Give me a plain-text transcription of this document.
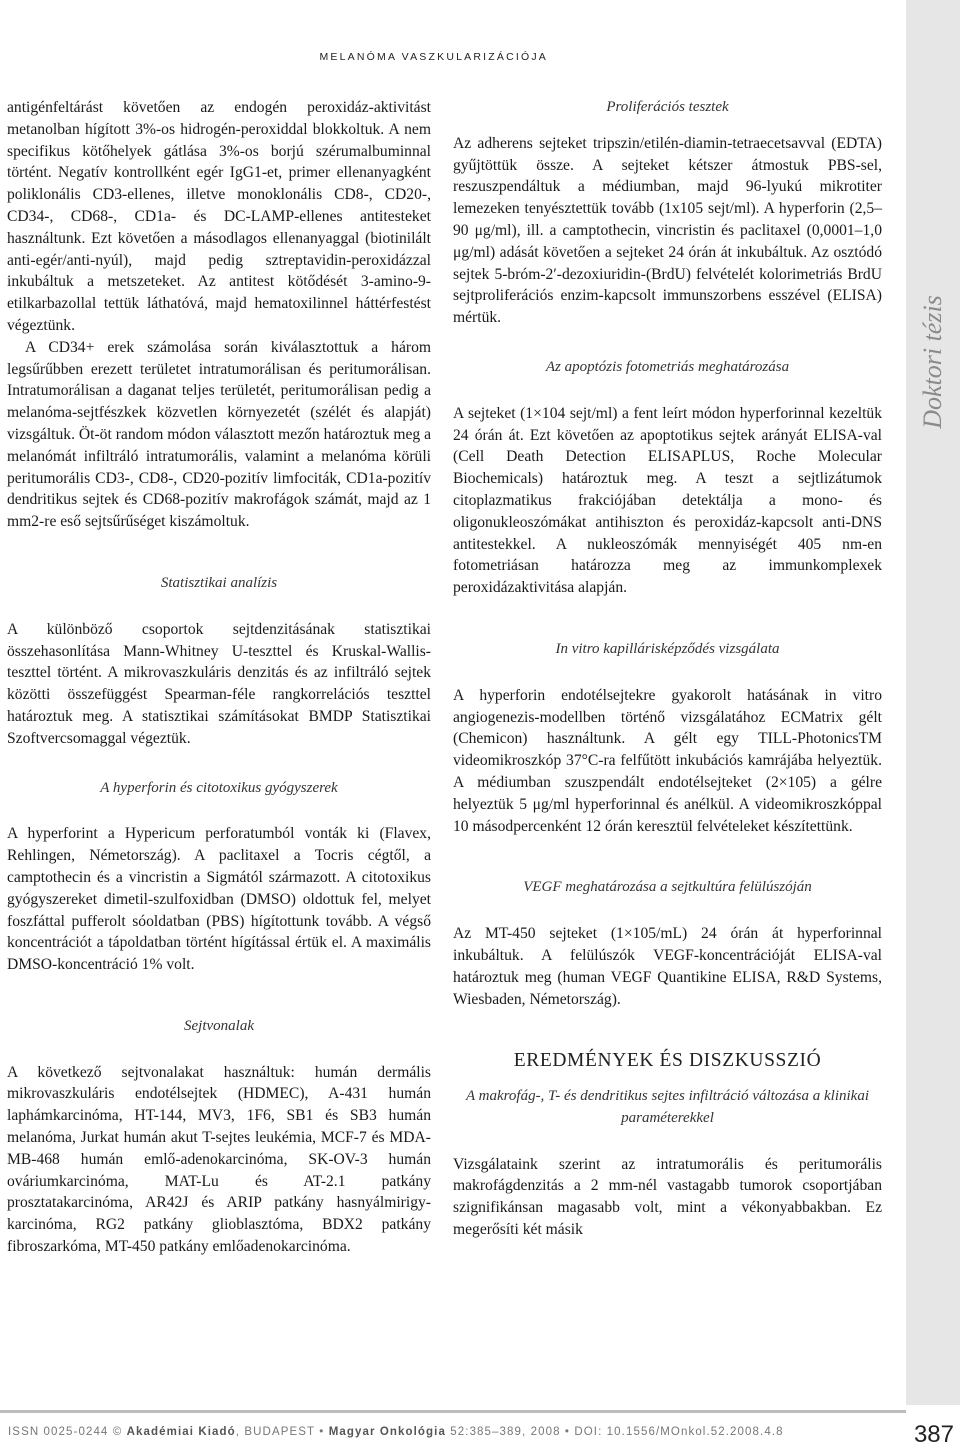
MELANÓMA VASZKULARIZÁCIÓJA
Doktori tézis

antigénfeltárást követően az endogén peroxidáz-aktivitást metanolban hígított 3%-os hidrogén-peroxiddal blokkoltuk. A nem specifikus kötőhelyek gátlása 3%-os borjú szérumalbuminnal történt. Negatív kontrollként egér IgG1-et, primer ellenanyagként poliklonális CD3-ellenes, illetve monoklonális CD8-, CD20-, CD34-, CD68-, CD1a- és DC-LAMP-ellenes antitesteket használtunk. Ezt követően a másodlagos ellenanyaggal (biotinilált anti-egér/anti-nyúl), majd pedig sztreptavidin-peroxidázzal inkubáltuk a metszeteket. Az antitest kötődését 3-amino-9-etilkarbazollal tettük láthatóvá, majd hematoxilinnel háttérfestést végeztünk.

A CD34+ erek számolása során kiválasztottuk a három legsűrűbben erezett területet intratumorálisan és peritumorálisan. Intratumorálisan a daganat teljes területét, peritumorálisan pedig a melanóma-sejtfészkek közvetlen környezetét (szélét és alapját) vizsgáltuk. Öt-öt random módon választott mezőn határoztuk meg a melanómát infiltráló intratumorális, valamint a melanóma körüli peritumorális CD3-, CD8-, CD20-pozitív limfociták, CD1a-pozitív dendritikus sejtek és CD68-pozitív makrofágok számát, majd az 1 mm2-re eső sejtsűrűséget kiszámoltuk.

Statisztikai analízis

A különböző csoportok sejtdenzitásának statisztikai összehasonlítása Mann-Whitney U-teszttel és Kruskal-Wallis-teszttel történt. A mikrovaszkuláris denzitás és az infiltráló sejtek közötti összefüggést Spearman-féle rangkorrelációs teszttel határoztuk meg. A statisztikai számításokat BMDP Statisztikai Szoftvercsomaggal végeztük.

A hyperforin és citotoxikus gyógyszerek

A hyperforint a Hypericum perforatumból vonták ki (Flavex, Rehlingen, Németország). A paclitaxel a Tocris cégtől, a camptothecin és a vincristin a Sigmától származott. A citotoxikus gyógyszereket dimetil-szulfoxidban (DMSO) oldottuk fel, melyet foszfáttal pufferolt sóoldatban (PBS) hígítottunk tovább. A végső koncentrációt a tápoldatban történt hígítással értük el. A maximális DMSO-koncentráció 1% volt.

Sejtvonalak

A következő sejtvonalakat használtuk: humán dermális mikrovaszkuláris endotélsejtek (HDMEC), A-431 humán laphámkarcinóma, HT-144, MV3, 1F6, SB1 és SB3 humán melanóma, Jurkat humán akut T-sejtes leukémia, MCF-7 és MDA-MB-468 humán emlő-adenokarcinóma, SK-OV-3 humán ováriumkarcinóma, MAT-Lu és AT-2.1 patkány prosztatakarcinóma, AR42J és ARIP patkány hasnyálmirigy-karcinóma, RG2 patkány glioblasztóma, BDX2 patkány fibroszarkóma, MT-450 patkány emlőadenokarcinóma.

Proliferációs tesztek

Az adherens sejteket tripszin/etilén-diamin-tetraecetsavval (EDTA) gyűjtöttük össze. A sejteket kétszer átmostuk PBS-sel, reszuszpendáltuk a médiumban, majd 96-lyukú mikrotiter lemezeken tenyésztettük tovább (1x105 sejt/ml). A hyperforin (2,5–90 μg/ml), ill. a camptothecin, vincristin és paclitaxel (0,0001–1,0 μg/ml) adását követően a sejteket 24 órán át inkubáltuk. Az osztódó sejtek 5-bróm-2′-dezoxiuridin-(BrdU) felvételét kolorimetriás BrdU sejtproliferációs enzim-kapcsolt immunszorbens esszével (ELISA) mértük.

Az apoptózis fotometriás meghatározása

A sejteket (1×104 sejt/ml) a fent leírt módon hyperforinnal kezeltük 24 órán át. Ezt követően az apoptotikus sejtek arányát ELISA-val (Cell Death Detection ELISAPLUS, Roche Molecular Biochemicals) határoztuk meg. A teszt a sejtlizátumok citoplazmatikus frakciójában detektálja a mono- és oligonukleoszómákat antihiszton és peroxidáz-kapcsolt anti-DNS antitestekkel. A nukleoszómák mennyiségét 405 nm-en fotometriásan határozza meg az immunkomplexek peroxidázaktivitása alapján.

In vitro kapillárisképződés vizsgálata

A hyperforin endotélsejtekre gyakorolt hatásának in vitro angiogenezis-modellben történő vizsgálatához ECMatrix gélt (Chemicon) használtunk. A gélt egy TILL-PhotonicsTM videomikroszkóp 37°C-ra felfűtött inkubációs kamrájába helyeztük. A médiumban szuszpendált endotélsejteket (2×105) a gélre helyeztük 5 μg/ml hyperforinnal és anélkül. A videomikroszkóppal 10 másodpercenként 12 órán keresztül felvételeket készítettünk.

VEGF meghatározása a sejtkultúra felülúszóján

Az MT-450 sejteket (1×105/mL) 24 órán át hyperforinnal inkubáltuk. A felülúszók VEGF-koncentrációját ELISA-val határoztuk meg (human VEGF Quantikine ELISA, R&D Systems, Wiesbaden, Németország).

EREDMÉNYEK ÉS DISZKUSSZIÓ
A makrofág-, T- és dendritikus sejtes infiltráció változása a klinikai paraméterekkel

Vizsgálataink szerint az intratumorális és peritumorális makrofágdenzitás a 2 mm-nél vastagabb tumorok csoportjában szignifikánsan magasabb volt, mint a vékonyabbakban. Ez megerősíti két másik

ISSN 0025-0244 © Akadémiai Kiadó, BUDAPEST • Magyar Onkológia 52:385–389, 2008 • DOI: 10.1556/MOnkol.52.2008.4.8	387
